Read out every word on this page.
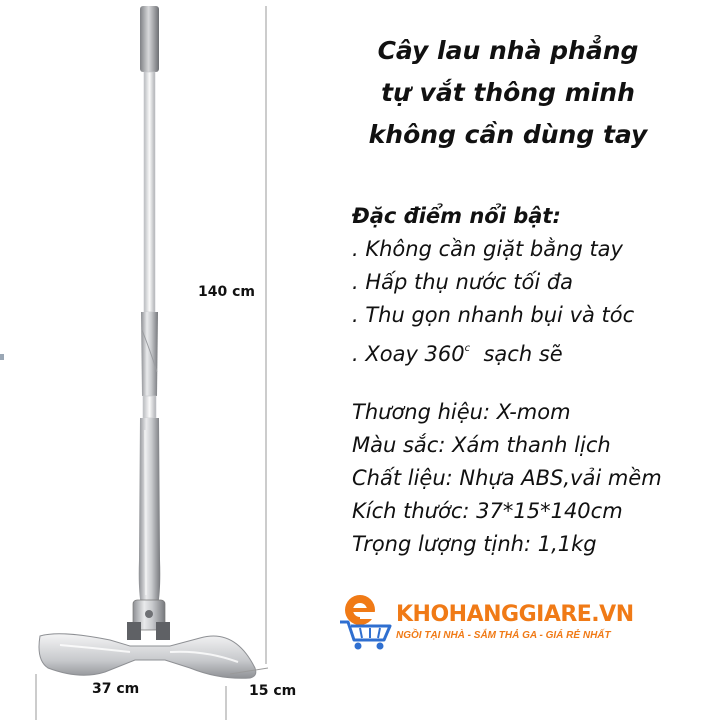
140 cm
37 cm	15 cm
Cây lau nhà phẳng
tự vắt thông minh
không cần dùng tay
Đặc điểm nổi bật:
. Không cần giặt bằng tay
. Hấp thụ nước tối đa
. Thu gọn nhanh bụi và tóc
. Xoay 360$^c$  sạch sẽ
Thương hiệu: X-mom
Màu sắc: Xám thanh lịch
Chất liệu: Nhựa ABS,vải mềm
Kích thước: 37*15*140cm
Trọng lượng tịnh: 1,1kg
KHOHANGGIARE.VN
NGỒI TẠI NHÀ - SẮM THẢ GA - GIÁ RẺ NHẤT
